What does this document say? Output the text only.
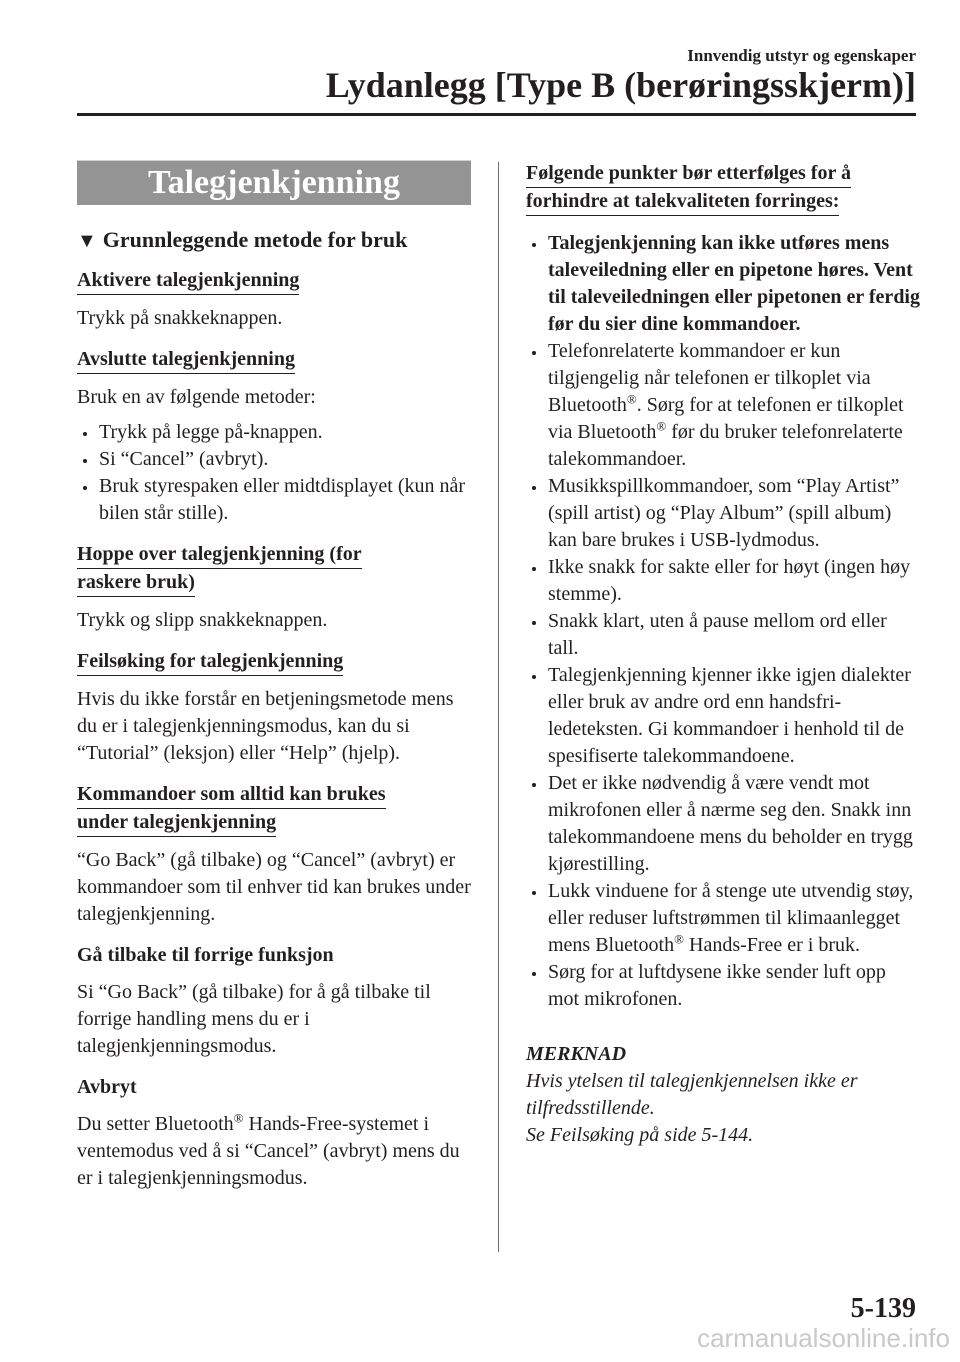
Innvendig utstyr og egenskaper
Lydanlegg [Type B (berøringsskjerm)]
Talegjenkjenning
▼ Grunnleggende metode for bruk
Aktivere talegjenkjenning

Trykk på snakkeknappen.

Avslutte talegjenkjenning

Bruk en av følgende metoder:

Trykk på legge på-knappen.
Si “Cancel” (avbryt).
Bruk styrespaken eller midtdisplayet (kun når bilen står stille).
Hoppe over talegjenkjenning (for
raskere bruk)

Trykk og slipp snakkeknappen.

Feilsøking for talegjenkjenning

Hvis du ikke forstår en betjeningsmetode mens du er i talegjenkjenningsmodus, kan du si “Tutorial” (leksjon) eller “Help” (hjelp).

Kommandoer som alltid kan brukes
under talegjenkjenning

“Go Back” (gå tilbake) og “Cancel” (avbryt) er kommandoer som til enhver tid kan brukes under talegjenkjenning.

Gå tilbake til forrige funksjon

Si “Go Back” (gå tilbake) for å gå tilbake til forrige handling mens du er i talegjenkjenningsmodus.

Avbryt

Du setter Bluetooth® Hands-Free-systemet i ventemodus ved å si “Cancel” (avbryt) mens du er i talegjenkjenningsmodus.

Følgende punkter bør etterfølges for å
forhindre at talekvaliteten forringes:
Talegjenkjenning kan ikke utføres mens taleveiledning eller en pipetone høres. Vent til taleveiledningen eller pipetonen er ferdig før du sier dine kommandoer.
Telefonrelaterte kommandoer er kun tilgjengelig når telefonen er tilkoplet via Bluetooth®. Sørg for at telefonen er tilkoplet via Bluetooth® før du bruker telefonrelaterte talekommandoer.
Musikkspillkommandoer, som “Play Artist” (spill artist) og “Play Album” (spill album) kan bare brukes i USB-lydmodus.
Ikke snakk for sakte eller for høyt (ingen høy stemme).
Snakk klart, uten å pause mellom ord eller tall.
Talegjenkjenning kjenner ikke igjen dialekter eller bruk av andre ord enn handsfri-ledeteksten. Gi kommandoer i henhold til de spesifiserte talekommandoene.
Det er ikke nødvendig å være vendt mot mikrofonen eller å nærme seg den. Snakk inn talekommandoene mens du beholder en trygg kjørestilling.
Lukk vinduene for å stenge ute utvendig støy, eller reduser luftstrømmen til klimaanlegget mens Bluetooth® Hands-Free er i bruk.
Sørg for at luftdysene ikke sender luft opp mot mikrofonen.
MERKNAD

Hvis ytelsen til talegjenkjennelsen ikke er

tilfredsstillende.

Se Feilsøking på side 5-144.

5-139
carmanualsonline.info
